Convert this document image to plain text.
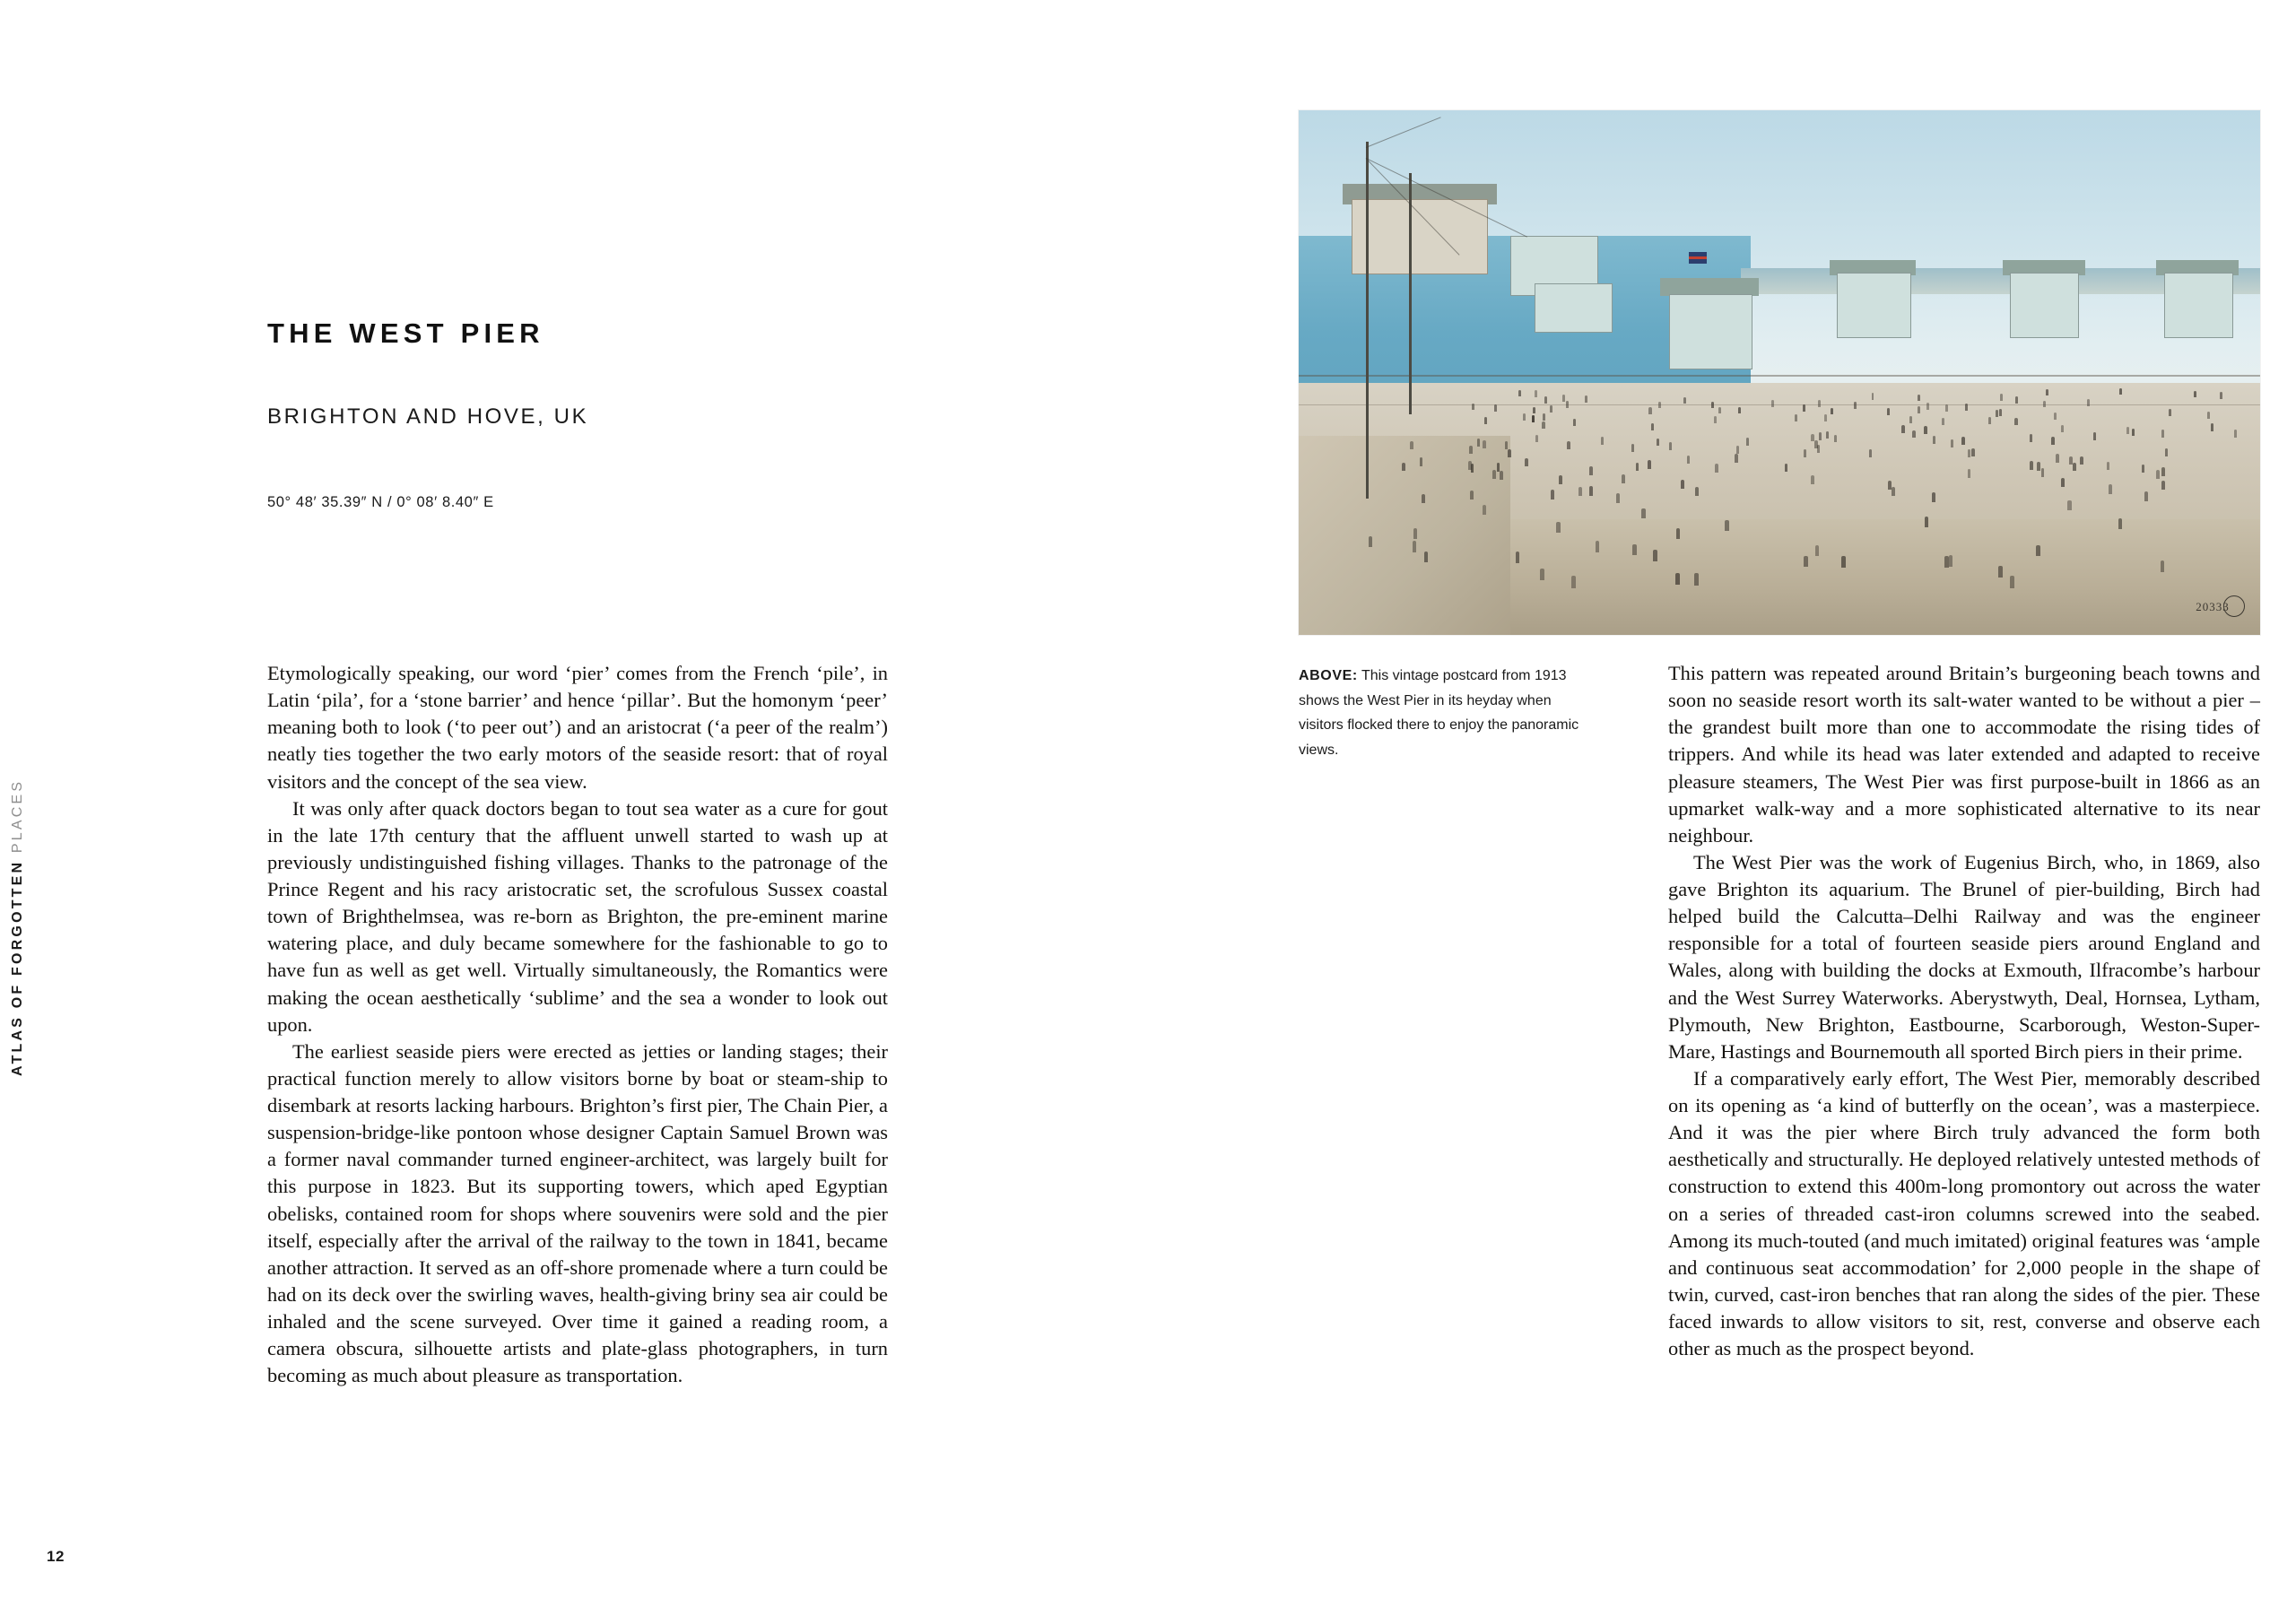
ATLAS OF FORGOTTEN PLACES
12
THE WEST PIER

BRIGHTON AND HOVE, UK

50° 48′ 35.39″ N / 0° 08′ 8.40″ E

Etymologically speaking, our word ‘pier’ comes from the French ‘pile’, in Latin ‘pila’, for a ‘stone barrier’ and hence ‘pillar’. But the homonym ‘peer’ meaning both to look (‘to peer out’) and an aristocrat (‘a peer of the realm’) neatly ties together the two early motors of the seaside resort: that of royal visitors and the concept of the sea view.

It was only after quack doctors began to tout sea water as a cure for gout in the late 17th century that the affluent unwell started to wash up at previously undistinguished fishing villages. Thanks to the patronage of the Prince Regent and his racy aristocratic set, the scrofulous Sussex coastal town of Brighthelmsea, was re-born as Brighton, the pre-eminent marine watering place, and duly became somewhere for the fashionable to go to have fun as well as get well. Virtually simultaneously, the Romantics were making the ocean aesthetically ‘sublime’ and the sea a wonder to look out upon.

The earliest seaside piers were erected as jetties or landing stages; their practical function merely to allow visitors borne by boat or steam-ship to disembark at resorts lacking harbours. Brighton’s first pier, The Chain Pier, a suspension-bridge-like pontoon whose designer Captain Samuel Brown was a former naval commander turned engineer-architect, was largely built for this purpose in 1823. But its supporting towers, which aped Egyptian obelisks, contained room for shops where souvenirs were sold and the pier itself, especially after the arrival of the railway to the town in 1841, became another attraction. It served as an off-shore promenade where a turn could be had on its deck over the swirling waves, health-giving briny sea air could be inhaled and the scene surveyed. Over time it gained a reading room, a camera obscura, silhouette artists and plate-glass photographers, in turn becoming as much about pleasure as transportation.

20333
ABOVE: This vintage postcard from 1913 shows the West Pier in its heyday when visitors flocked there to enjoy the panoramic views.

This pattern was repeated around Britain’s burgeoning beach towns and soon no seaside resort worth its salt-water wanted to be without a pier – the grandest built more than one to accommodate the rising tides of trippers. And while its head was later extended and adapted to receive pleasure steamers, The West Pier was first purpose-built in 1866 as an upmarket walk-way and a more sophisticated alternative to its near neighbour.

The West Pier was the work of Eugenius Birch, who, in 1869, also gave Brighton its aquarium. The Brunel of pier-building, Birch had helped build the Calcutta–Delhi Railway and was the engineer responsible for a total of fourteen seaside piers around England and Wales, along with building the docks at Exmouth, Ilfracombe’s harbour and the West Surrey Waterworks. Aberystwyth, Deal, Hornsea, Lytham, Plymouth, New Brighton, Eastbourne, Scarborough, Weston-Super-Mare, Hastings and Bournemouth all sported Birch piers in their prime.

If a comparatively early effort, The West Pier, memorably described on its opening as ‘a kind of butterfly on the ocean’, was a masterpiece. And it was the pier where Birch truly advanced the form both aesthetically and structurally. He deployed relatively untested methods of construction to extend this 400m-long promontory out across the water on a series of threaded cast-iron columns screwed into the seabed. Among its much-touted (and much imitated) original features was ‘ample and continuous seat accommodation’ for 2,000 people in the shape of twin, curved, cast-iron benches that ran along the sides of the pier. These faced inwards to allow visitors to sit, rest, converse and observe each other as much as the prospect beyond.
